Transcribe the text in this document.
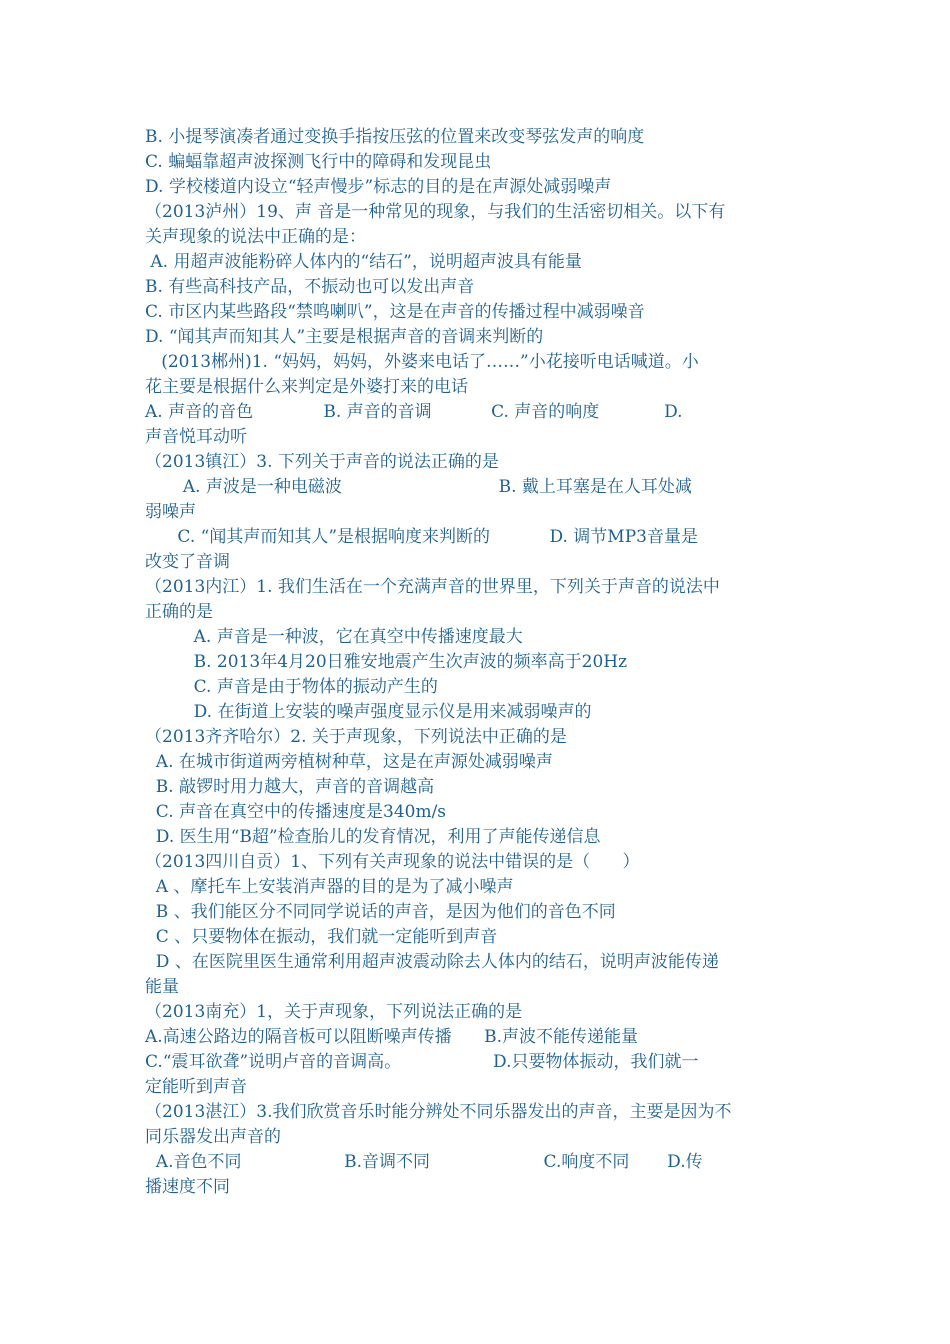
B. 小提琴演凑者通过变换手指按压弦的位置来改变琴弦发声的响度
C. 蝙蝠靠超声波探测飞行中的障碍和发现昆虫
D. 学校楼道内设立“轻声慢步”标志的目的是在声源处减弱噪声
（2013泸州）19、声 音是一种常见的现象，与我们的生活密切相关。以下有
关声现象的说法中正确的是：
A. 用超声波能粉碎人体内的“结石”，说明超声波具有能量
B. 有些高科技产品，不振动也可以发出声音
C. 市区内某些路段“禁鸣喇叭”，这是在声音的传播过程中减弱噪音
D. “闻其声而知其人”主要是根据声音的音调来判断的
(2013郴州)1. “妈妈，妈妈，外婆来电话了……”小花接听电话喊道。小
花主要是根据什么来判定是外婆打来的电话
A. 声音的音色             B. 声音的音调           C. 声音的响度            D.
声音悦耳动听
（2013镇江）3. 下列关于声音的说法正确的是
A. 声波是一种电磁波                             B. 戴上耳塞是在人耳处减
弱噪声
C. “闻其声而知其人”是根据响度来判断的           D. 调节MP3音量是
改变了音调
（2013内江）1. 我们生活在一个充满声音的世界里，下列关于声音的说法中
正确的是
A. 声音是一种波，它在真空中传播速度最大
B. 2013年4月20日雅安地震产生次声波的频率高于20Hz
C. 声音是由于物体的振动产生的
D. 在街道上安装的噪声强度显示仪是用来减弱噪声的
（2013齐齐哈尔）2. 关于声现象，下列说法中正确的是
A. 在城市街道两旁植树种草，这是在声源处减弱噪声
B. 敲锣时用力越大，声音的音调越高
C. 声音在真空中的传播速度是340m/s
D. 医生用“B超”检查胎儿的发育情况，利用了声能传递信息
（2013四川自贡）1、下列有关声现象的说法中错误的是（      ）
A 、摩托车上安装消声器的目的是为了减小噪声
B 、我们能区分不同同学说话的声音，是因为他们的音色不同
C 、只要物体在振动，我们就一定能听到声音
D 、在医院里医生通常利用超声波震动除去人体内的结石，说明声波能传递
能量
（2013南充）1，关于声现象，下列说法正确的是
A.高速公路边的隔音板可以阻断噪声传播      B.声波不能传递能量
C.“震耳欲聋”说明卢音的音调高。                 D.只要物体振动，我们就一
定能听到声音
（2013湛江）3.我们欣赏音乐时能分辨处不同乐器发出的声音，主要是因为不
同乐器发出声音的
A.音色不同                   B.音调不同                     C.响度不同       D.传
播速度不同
